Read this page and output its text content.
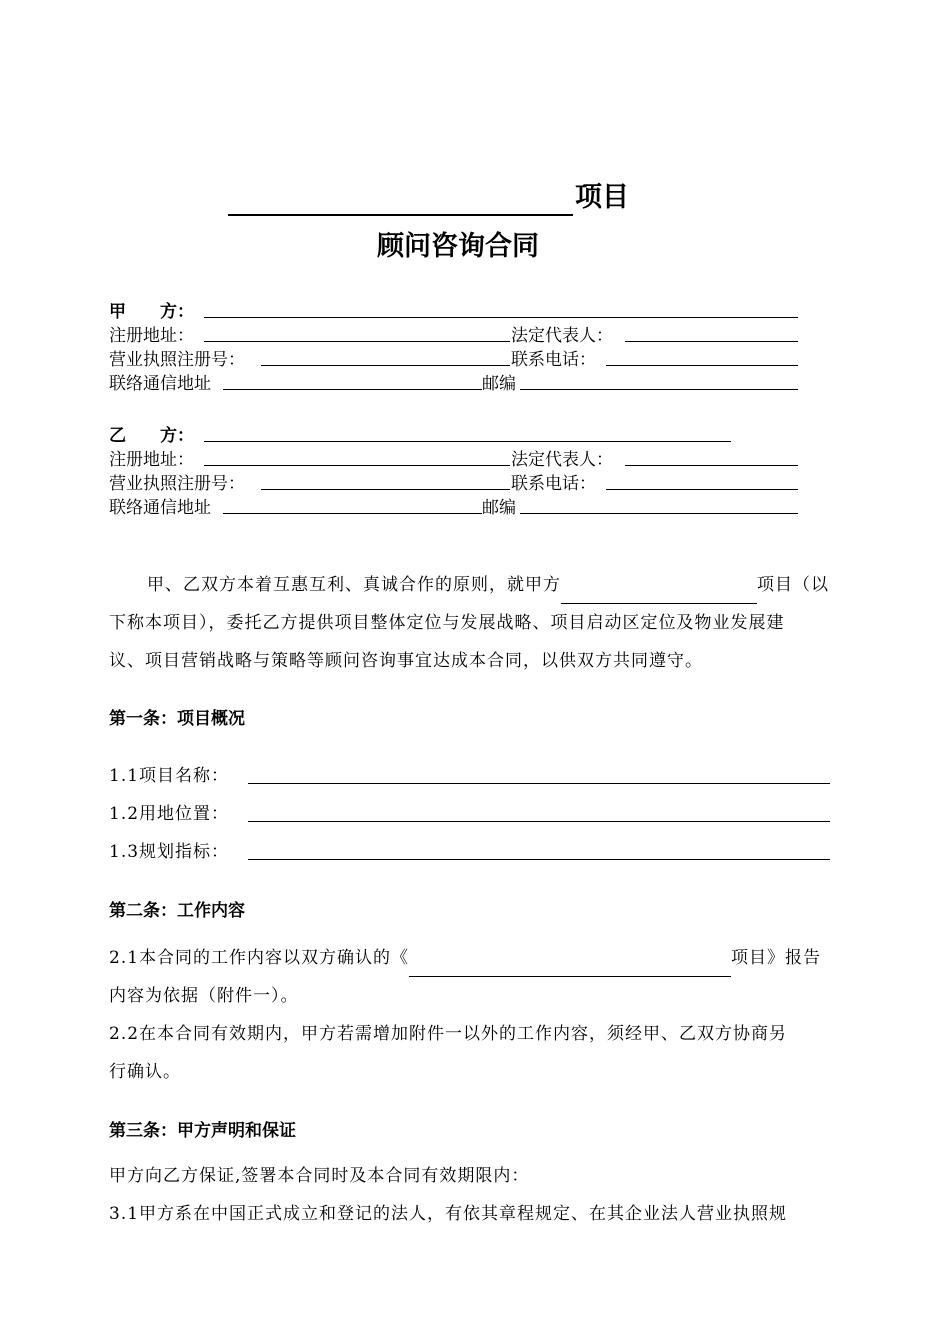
项目
顾问咨询合同
甲　　方：
注册地址：	法定代表人：
营业执照注册号：	联系电话：
联络通信地址	邮编
乙　　方：
注册地址：	法定代表人：
营业执照注册号：	联系电话：
联络通信地址	邮编
甲、乙双方本着互惠互利、真诚合作的原则，就甲方	项目（以
下称本项目），委托乙方提供项目整体定位与发展战略、项目启动区定位及物业发展建
议、项目营销战略与策略等顾问咨询事宜达成本合同，以供双方共同遵守。
第一条：项目概况
1.1项目名称：
1.2用地位置：
1.3规划指标：
第二条：工作内容
2.1本合同的工作内容以双方确认的《	项目》报告
内容为依据（附件一）。
2.2在本合同有效期内，甲方若需增加附件一以外的工作内容，须经甲、乙双方协商另
行确认。
第三条：甲方声明和保证
甲方向乙方保证,签署本合同时及本合同有效期限内：
3.1甲方系在中国正式成立和登记的法人，有依其章程规定、在其企业法人营业执照规
